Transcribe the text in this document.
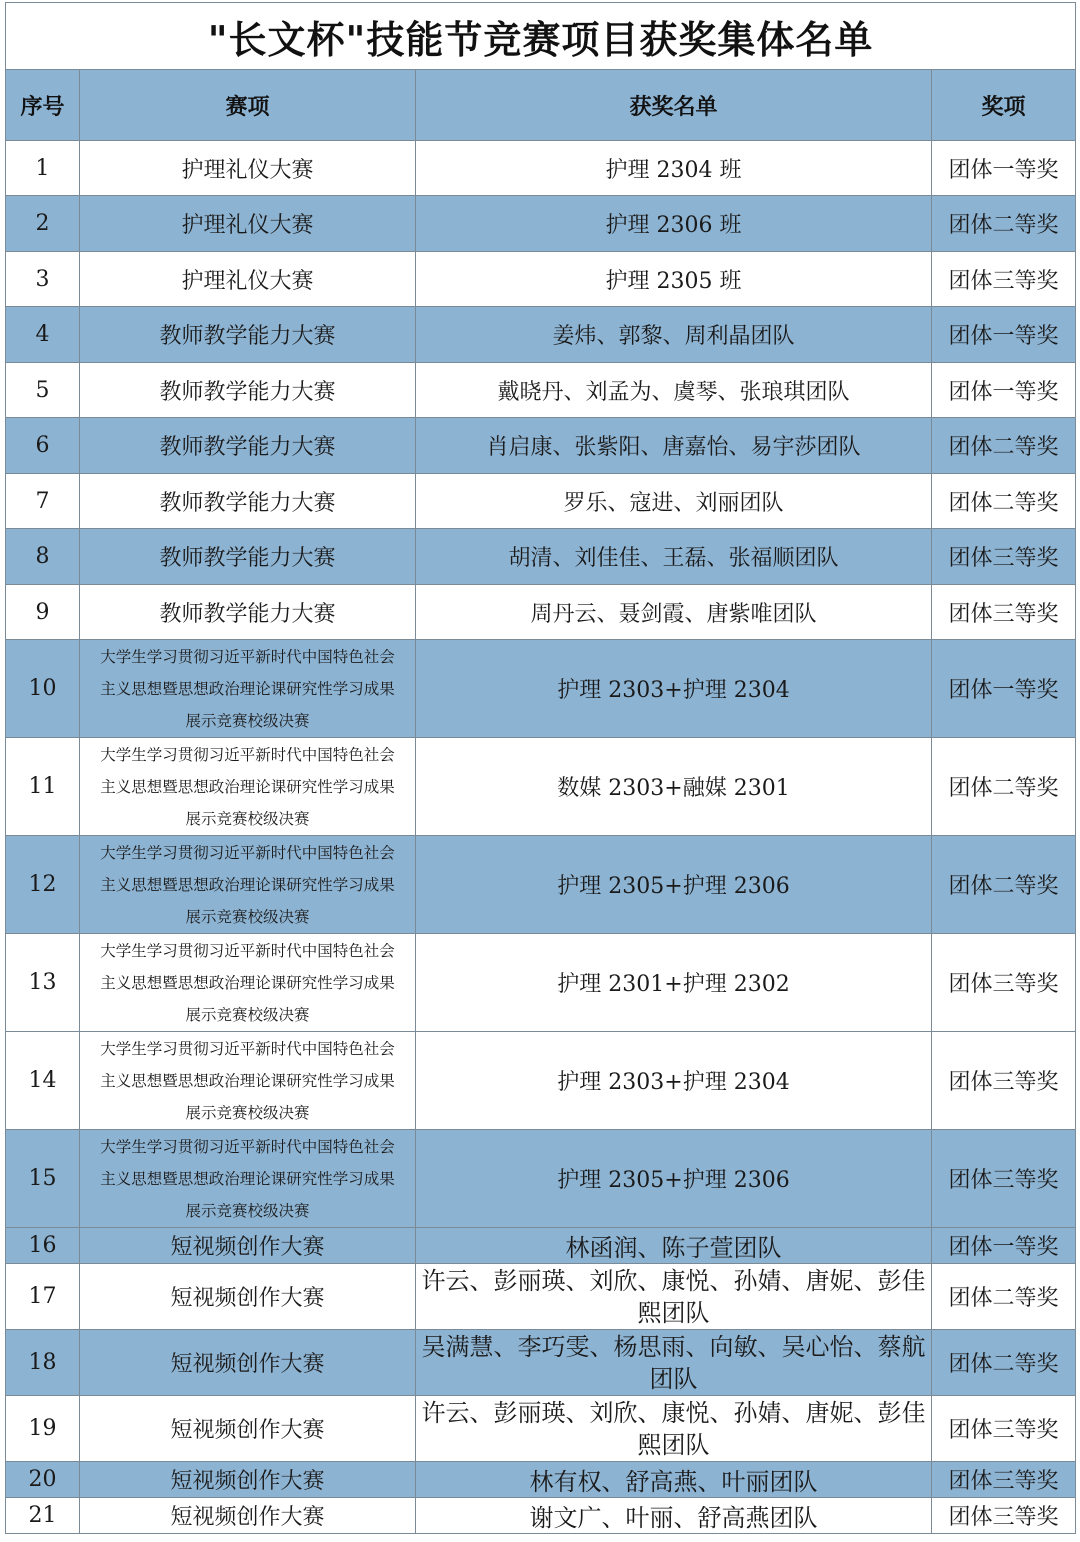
"长文杯"技能节竞赛项目获奖集体名单			
序号	赛项	获奖名单	奖项
1	护理礼仪大赛	护理 2304 班	团体一等奖
2	护理礼仪大赛	护理 2306 班	团体二等奖
3	护理礼仪大赛	护理 2305 班	团体三等奖
4	教师教学能力大赛	姜炜、郭黎、周利晶团队	团体一等奖
5	教师教学能力大赛	戴晓丹、刘孟为、虞琴、张琅琪团队	团体一等奖
6	教师教学能力大赛	肖启康、张紫阳、唐嘉怡、易宇莎团队	团体二等奖
7	教师教学能力大赛	罗乐、寇进、刘丽团队	团体二等奖
8	教师教学能力大赛	胡清、刘佳佳、王磊、张福顺团队	团体三等奖
9	教师教学能力大赛	周丹云、聂剑霞、唐紫唯团队	团体三等奖
10	大学生学习贯彻习近平新时代中国特色社会主义思想暨思想政治理论课研究性学习成果展示竞赛校级决赛	护理 2303+护理 2304	团体一等奖
11	大学生学习贯彻习近平新时代中国特色社会主义思想暨思想政治理论课研究性学习成果展示竞赛校级决赛	数媒 2303+融媒 2301	团体二等奖
12	大学生学习贯彻习近平新时代中国特色社会主义思想暨思想政治理论课研究性学习成果展示竞赛校级决赛	护理 2305+护理 2306	团体二等奖
13	大学生学习贯彻习近平新时代中国特色社会主义思想暨思想政治理论课研究性学习成果展示竞赛校级决赛	护理 2301+护理 2302	团体三等奖
14	大学生学习贯彻习近平新时代中国特色社会主义思想暨思想政治理论课研究性学习成果展示竞赛校级决赛	护理 2303+护理 2304	团体三等奖
15	大学生学习贯彻习近平新时代中国特色社会主义思想暨思想政治理论课研究性学习成果展示竞赛校级决赛	护理 2305+护理 2306	团体三等奖
16	短视频创作大赛	林函润、陈子萱团队	团体一等奖
17	短视频创作大赛	许云、彭丽瑛、刘欣、康悦、孙婧、唐妮、彭佳熙团队	团体二等奖
18	短视频创作大赛	吴满慧、李巧雯、杨思雨、向敏、吴心怡、蔡航团队	团体二等奖
19	短视频创作大赛	许云、彭丽瑛、刘欣、康悦、孙婧、唐妮、彭佳熙团队	团体三等奖
20	短视频创作大赛	林有权、舒高燕、叶丽团队	团体三等奖
21	短视频创作大赛	谢文广、叶丽、舒高燕团队	团体三等奖
